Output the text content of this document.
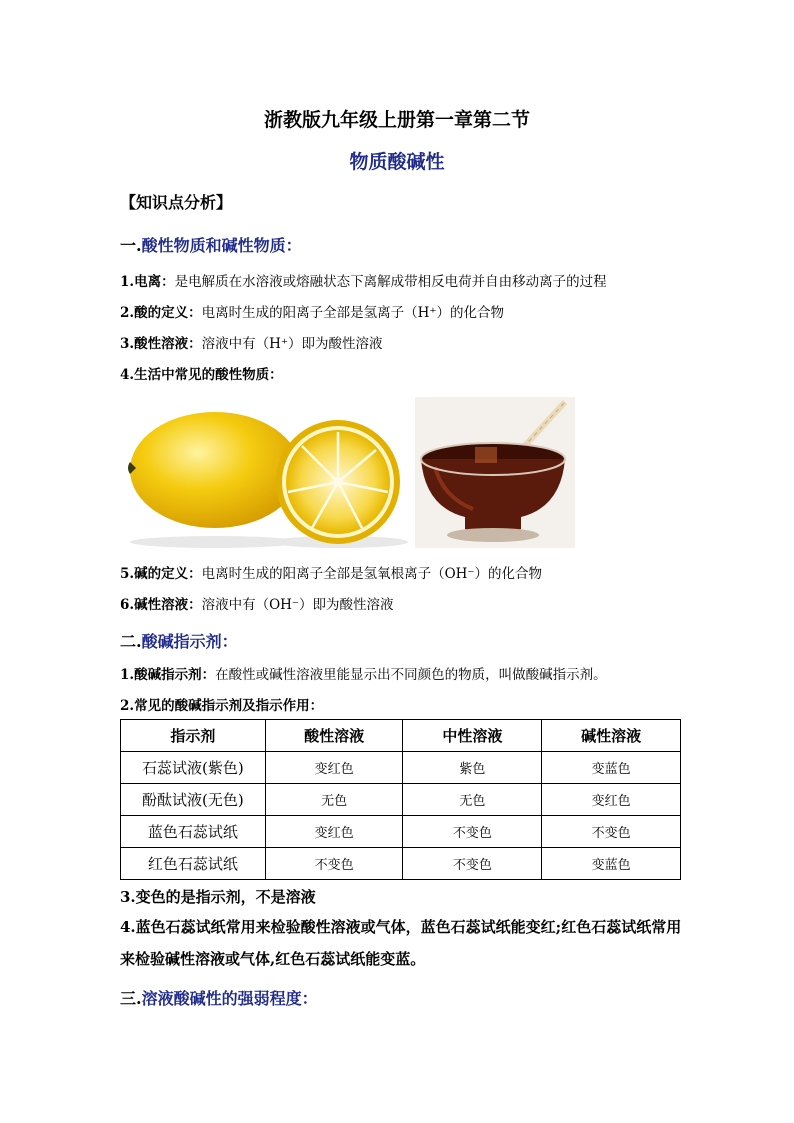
浙教版九年级上册第一章第二节
物质酸碱性
【知识点分析】
一.酸性物质和碱性物质：
1.电离：是电解质在水溶液或熔融状态下离解成带相反电荷并自由移动离子的过程
2.酸的定义：电离时生成的阳离子全部是氢离子（H⁺）的化合物
3.酸性溶液：溶液中有（H⁺）即为酸性溶液
4.生活中常见的酸性物质：
5.碱的定义：电离时生成的阳离子全部是氢氧根离子（OH⁻）的化合物
6.碱性溶液：溶液中有（OH⁻）即为酸性溶液
二.酸碱指示剂：
1.酸碱指示剂：在酸性或碱性溶液里能显示出不同颜色的物质，叫做酸碱指示剂。
2.常见的酸碱指示剂及指示作用：
指示剂	酸性溶液	中性溶液	碱性溶液
石蕊试液(紫色)	变红色	紫色	变蓝色
酚酞试液(无色)	无色	无色	变红色
蓝色石蕊试纸	变红色	不变色	不变色
红色石蕊试纸	不变色	不变色	变蓝色
3.变色的是指示剂，不是溶液
4.蓝色石蕊试纸常用来检验酸性溶液或气体，蓝色石蕊试纸能变红;红色石蕊试纸常用来检验碱性溶液或气体,红色石蕊试纸能变蓝。
三.溶液酸碱性的强弱程度：
